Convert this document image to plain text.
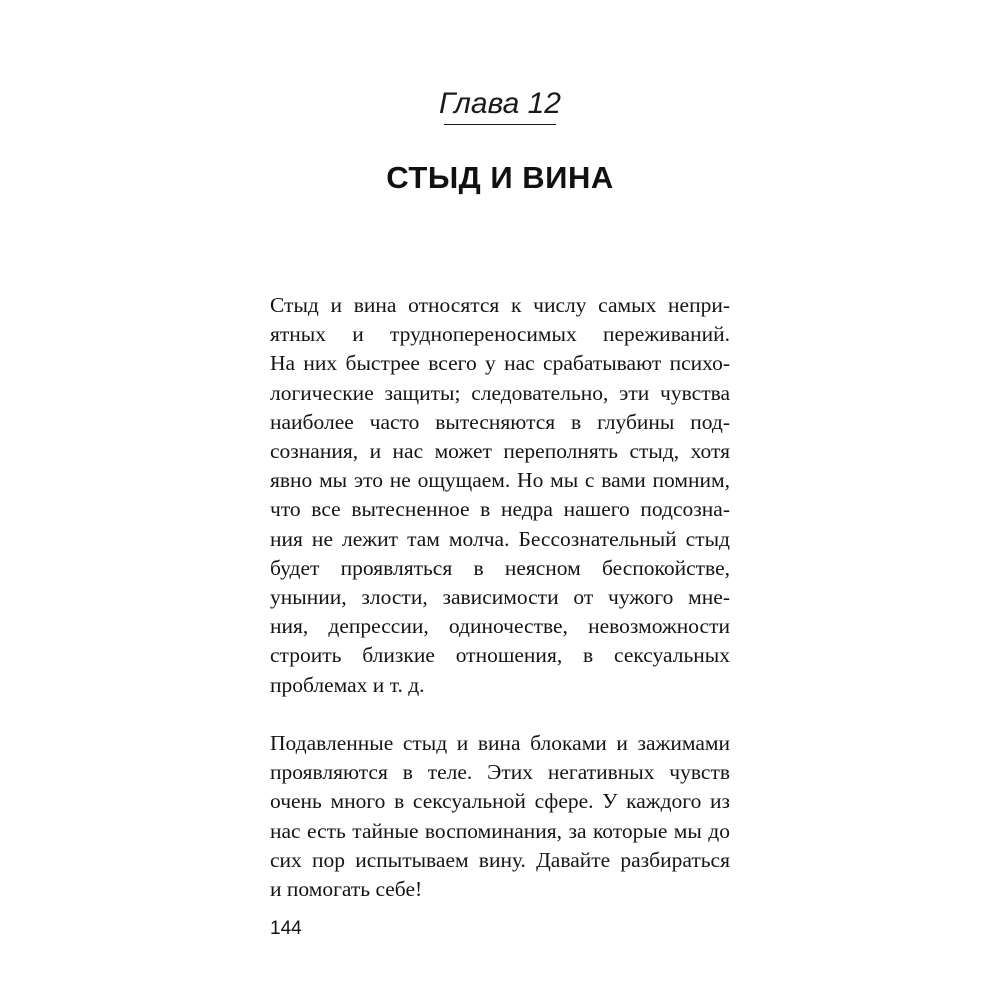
Глава 12
СТЫД И ВИНА
Стыд и вина относятся к числу самых непри-
ятных и труднопереносимых переживаний.
На них быстрее всего у нас срабатывают психо-
логические защиты; следовательно, эти чувства
наиболее часто вытесняются в глубины под-
сознания, и нас может переполнять стыд, хотя
явно мы это не ощущаем. Но мы с вами помним,
что все вытесненное в недра нашего подсозна-
ния не лежит там молча. Бессознательный стыд
будет проявляться в неясном беспокойстве,
унынии, злости, зависимости от чужого мне-
ния, депрессии, одиночестве, невозможности
строить близкие отношения, в сексуальных
проблемах и т. д.
Подавленные стыд и вина блоками и зажимами
проявляются в теле. Этих негативных чувств
очень много в сексуальной сфере. У каждого из
нас есть тайные воспоминания, за которые мы до
сих пор испытываем вину. Давайте разбираться
и помогать себе!
144
